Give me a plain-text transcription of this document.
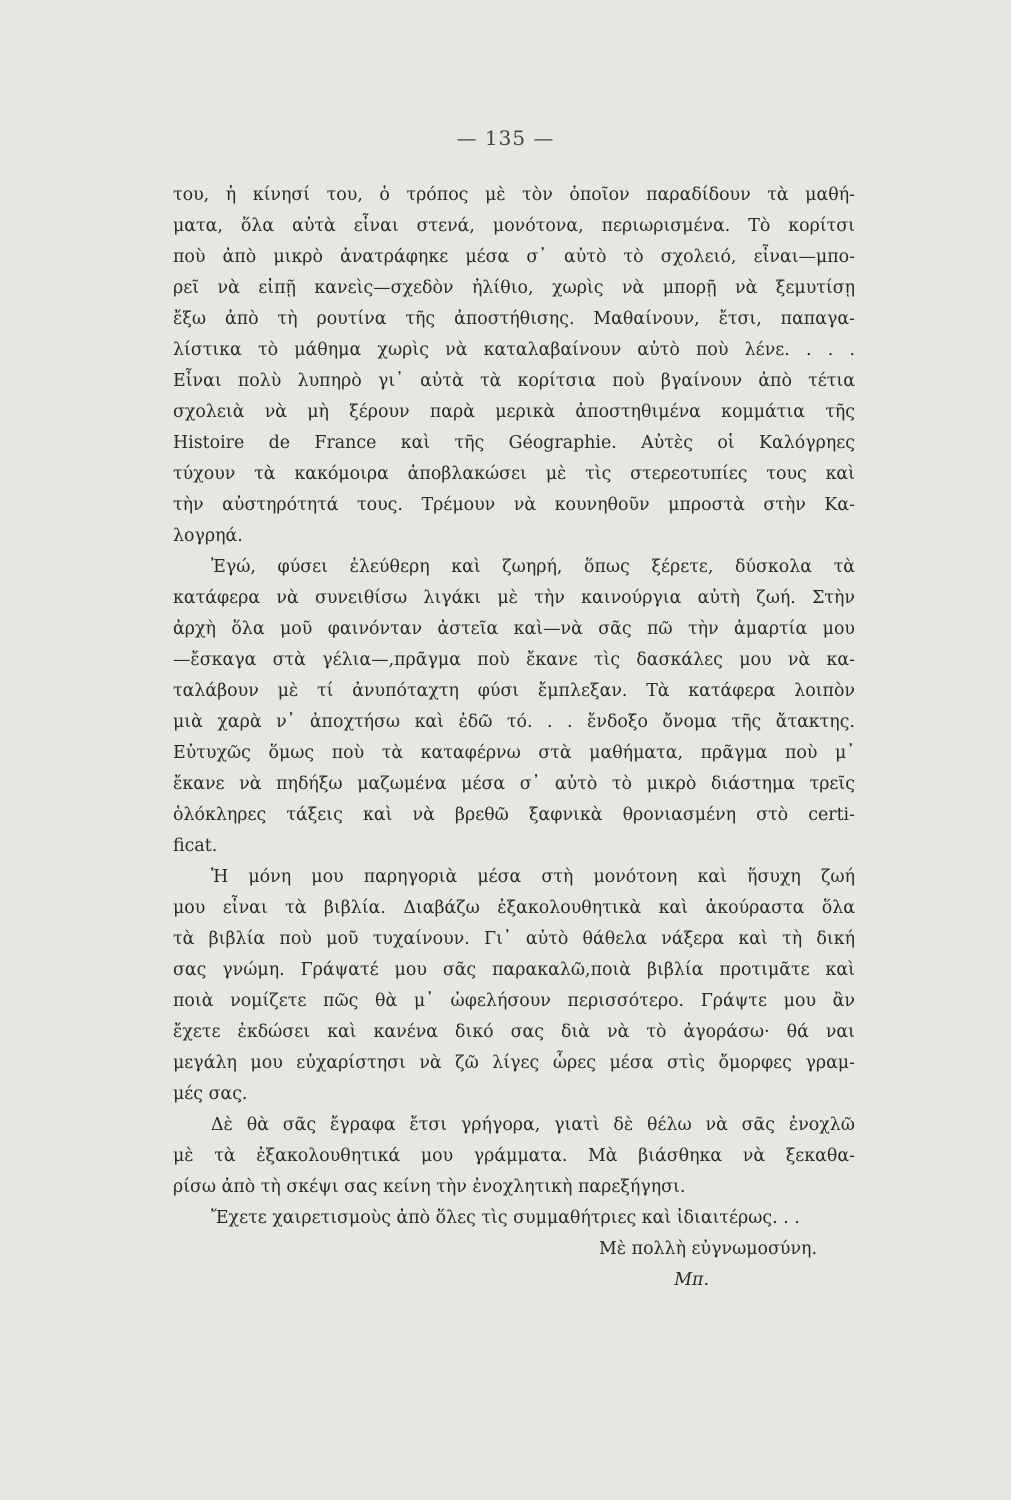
— 135 —
του, ἡ κίνησί του, ὁ τρόπος μὲ τὸν ὁποῖον παραδίδουν τὰ μαθή-
ματα, ὅλα αὐτὰ εἶναι στενά, μονότονα, περιωρισμένα. Τὸ κορίτσι
ποὺ ἀπὸ μικρὸ ἀνατράφηκε μέσα σ᾽ αὐτὸ τὸ σχολειό, εἶναι—μπο-
ρεῖ νὰ εἰπῇ κανεὶς—σχεδὸν ἠλίθιο, χωρὶς νὰ μπορῇ νὰ ξεμυτίσῃ
ἔξω ἀπὸ τὴ ρουτίνα τῆς ἀποστήθισης. Μαθαίνουν, ἔτσι, παπαγα-
λίστικα τὸ μάθημα χωρὶς νὰ καταλαβαίνουν αὐτὸ ποὺ λένε. . . .
Εἶναι πολὺ λυπηρὸ γι᾽ αὐτὰ τὰ κορίτσια ποὺ βγαίνουν ἀπὸ τέτια
σχολειὰ νὰ μὴ ξέρουν παρὰ μερικὰ ἀποστηθιμένα κομμάτια τῆς
Histoire de France καὶ τῆς Géographie. Αὐτὲς οἱ Καλόγρηες
τύχουν τὰ κακόμοιρα ἀποβλακώσει μὲ τὶς στερεοτυπίες τους καὶ
τὴν αὐστηρότητά τους. Τρέμουν νὰ κουνηθοῦν μπροστὰ στὴν Κα-
λογρηά.
Ἐγώ, φύσει ἐλεύθερη καὶ ζωηρή, ὅπως ξέρετε, δύσκολα τὰ
κατάφερα νὰ συνειθίσω λιγάκι μὲ τὴν καινούργια αὐτὴ ζωή. Στὴν
ἀρχὴ ὅλα μοῦ φαινόνταν ἀστεῖα καὶ—νὰ σᾶς πῶ τὴν ἁμαρτία μου
—ἔσκαγα στὰ γέλια—,πρᾶγμα ποὺ ἔκανε τὶς δασκάλες μου νὰ κα-
ταλάβουν μὲ τί ἀνυπόταχτη φύσι ἔμπλεξαν. Τὰ κατάφερα λοιπὸν
μιὰ χαρὰ ν᾽ ἀποχτήσω καὶ ἐδῶ τό. . . ἔνδοξο ὄνομα τῆς ἄτακτης.
Εὐτυχῶς ὅμως ποὺ τὰ καταφέρνω στὰ μαθήματα, πρᾶγμα ποὺ μ᾽
ἔκανε νὰ πηδήξω μαζωμένα μέσα σ᾽ αὐτὸ τὸ μικρὸ διάστημα τρεῖς
ὁλόκληρες τάξεις καὶ νὰ βρεθῶ ξαφνικὰ θρονιασμένη στὸ certi-
ficat.
Ἡ μόνη μου παρηγοριὰ μέσα στὴ μονότονη καὶ ἥσυχη ζωή
μου εἶναι τὰ βιβλία. Διαβάζω ἐξακολουθητικὰ καὶ ἀκούραστα ὅλα
τὰ βιβλία ποὺ μοῦ τυχαίνουν. Γι᾽ αὐτὸ θάθελα νάξερα καὶ τὴ δική
σας γνώμη. Γράψατέ μου σᾶς παρακαλῶ,ποιὰ βιβλία προτιμᾶτε καὶ
ποιὰ νομίζετε πῶς θὰ μ᾽ ὠφελήσουν περισσότερο. Γράψτε μου ἂν
ἔχετε ἐκδώσει καὶ κανένα δικό σας διὰ νὰ τὸ ἀγοράσω· θά ναι
μεγάλη μου εὐχαρίστησι νὰ ζῶ λίγες ὧρες μέσα στὶς ὄμορφες γραμ-
μές σας.
Δὲ θὰ σᾶς ἔγραφα ἔτσι γρήγορα, γιατὶ δὲ θέλω νὰ σᾶς ἐνοχλῶ
μὲ τὰ ἐξακολουθητικά μου γράμματα. Μὰ βιάσθηκα νὰ ξεκαθα-
ρίσω ἀπὸ τὴ σκέψι σας κείνη τὴν ἐνοχλητικὴ παρεξήγησι.
Ἔχετε χαιρετισμοὺς ἀπὸ ὅλες τὶς συμμαθήτριες καὶ ἰδιαιτέρως. . .
Μὲ πολλὴ εὐγνωμοσύνη.
Μπ.
